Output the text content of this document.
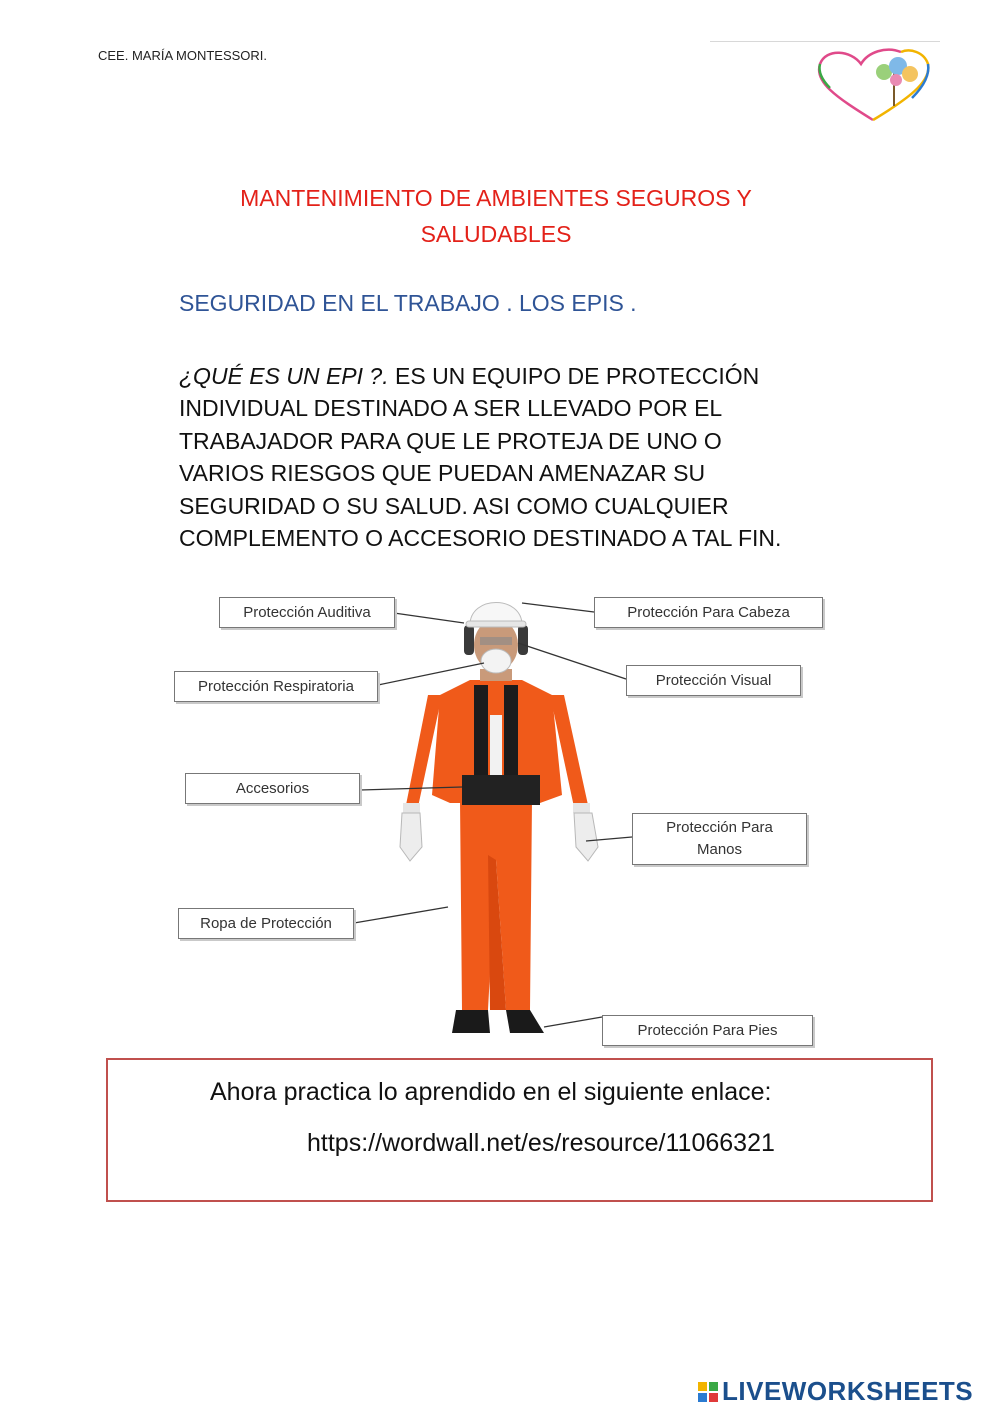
CEE. MARÍA MONTESSORI.
MANTENIMIENTO DE AMBIENTES SEGUROS Y
SALUDABLES
SEGURIDAD EN EL TRABAJO . LOS EPIS .
¿QUÉ ES UN EPI ?. ES UN EQUIPO DE PROTECCIÓN
INDIVIDUAL DESTINADO A SER LLEVADO POR EL
TRABAJADOR PARA QUE LE PROTEJA DE UNO O
VARIOS RIESGOS QUE PUEDAN AMENAZAR SU
SEGURIDAD O SU SALUD. ASI COMO CUALQUIER
COMPLEMENTO O ACCESORIO DESTINADO A TAL FIN.
Protección Auditiva	Protección Para Cabeza
Protección Respiratoria	Protección Visual
Accesorios
Protección Para Manos
Ropa de Protección
Protección Para Pies
Ahora practica lo aprendido en el siguiente enlace:
https://wordwall.net/es/resource/11066321
LIVEWORKSHEETS
